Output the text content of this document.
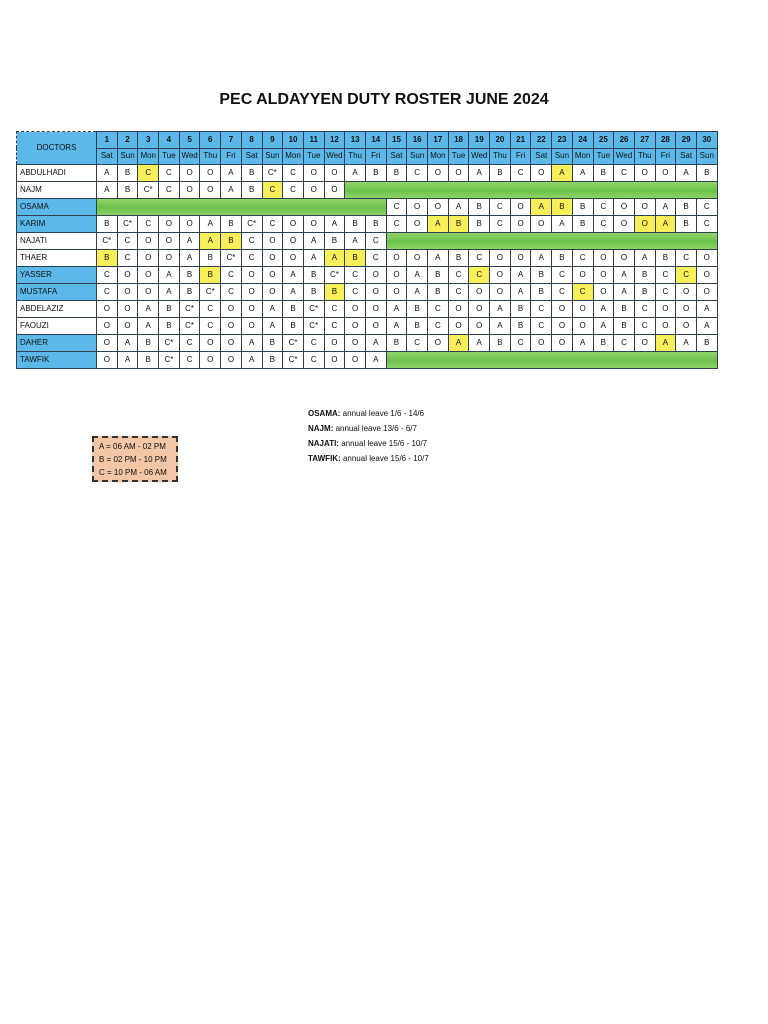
PEC ALDAYYEN DUTY ROSTER JUNE 2024
DOCTORS	1	2	3	4	5	6	7	8	9	10	11	12	13	14	15	16	17	18	19	20	21	22	23	24	25	26	27	28	29	30
	Sat	Sun	Mon	Tue	Wed	Thu	Fri	Sat	Sun	Mon	Tue	Wed	Thu	Fri	Sat	Sun	Mon	Tue	Wed	Thu	Fri	Sat	Sun	Mon	Tue	Wed	Thu	Fri	Sat	Sun
ABDULHADI	A	B	C	C	O	O	A	B	C*	C	O	O	A	B	B	C	O	O	A	B	C	O	A	A	B	C	O	O	A	B
NAJM	A	B	C*	C	O	O	A	B	C	C	O	O																		
OSAMA															C	O	O	A	B	C	O	A	B	B	C	O	O	A	B	C
KARIM	B	C*	C	O	O	A	B	C*	C	O	O	A	B	B	C	O	A	B	B	C	O	O	A	B	C	O	O	A	B	C
NAJATI	C*	C	O	O	A	A	B	C	O	O	A	B	A	C																
THAER	B	C	O	O	A	B	C*	C	O	O	A	A	B	C	O	O	A	B	C	O	O	A	B	C	O	O	A	B	C	O
YASSER	C	O	O	A	B	B	C	O	O	A	B	C*	C	O	O	A	B	C	C	O	A	B	C	O	O	A	B	C	C	O
MUSTAFA	C	O	O	A	B	C*	C	O	O	A	B	B	C	O	O	A	B	C	O	O	A	B	C	C	O	A	B	C	O	O
ABDELAZIZ	O	O	A	B	C*	C	O	O	A	B	C*	C	O	O	A	B	C	O	O	A	B	C	O	O	A	B	C	O	O	A
FAOUZI	O	O	A	B	C*	C	O	O	A	B	C*	C	O	O	A	B	C	O	O	A	B	C	O	O	A	B	C	O	O	A
DAHER	O	A	B	C*	C	O	O	A	B	C*	C	O	O	A	B	C	O	A	A	B	C	O	O	A	B	C	O	A	A	B
TAWFIK	O	A	B	C*	C	O	O	A	B	C*	C	O	O	A																
A = 06 AM - 02 PM
B = 02 PM - 10 PM
C = 10 PM - 06 AM
OSAMA: annual leave 1/6 - 14/6
NAJM: annual leave 13/6 - 6/7
NAJATI: annual leave 15/6 - 10/7
TAWFIK: annual leave 15/6 - 10/7
